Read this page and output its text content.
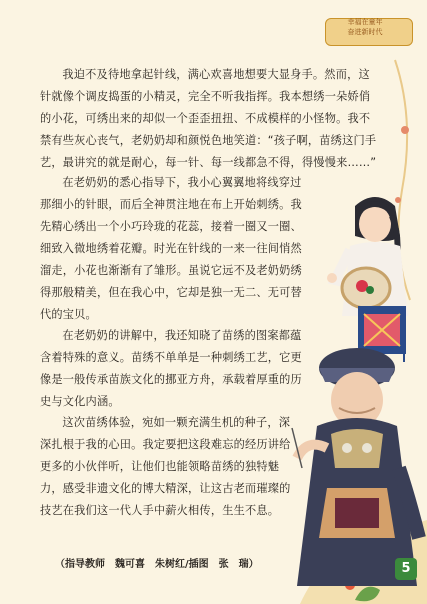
幸福在童年
奋进新时代

我迫不及待地拿起针线，满心欢喜地想要大显身手。然而，这针就像个调皮捣蛋的小精灵，完全不听我指挥。我本想绣一朵娇俏的小花，可绣出来的却似一个歪歪扭扭、不成模样的小怪物。我不禁有些灰心丧气，老奶奶却和颜悦色地笑道：“孩子啊，苗绣这门手艺，最讲究的就是耐心，每一针、每一线都急不得，得慢慢来……”

在老奶奶的悉心指导下，我小心翼翼地将线穿过那细小的针眼，而后全神贯注地在布上开始刺绣。我先精心绣出一个小巧玲珑的花蕊，接着一圈又一圈、细致入微地绣着花瓣。时光在针线的一来一往间悄然溜走，小花也渐渐有了雏形。虽说它远不及老奶奶绣得那般精美，但在我心中，它却是独一无二、无可替代的宝贝。

在老奶奶的讲解中，我还知晓了苗绣的图案都蕴含着特殊的意义。苗绣不单单是一种刺绣工艺，它更像是一般传承苗族文化的挪亚方舟，承载着厚重的历史与文化内涵。

这次苗绣体验，宛如一颗充满生机的种子，深深扎根于我的心田。我定要把这段难忘的经历讲给更多的小伙伴听，让他们也能领略苗绣的独特魅力，感受非遗文化的博大精深，让这古老而璀璨的技艺在我们这一代人手中薪火相传，生生不息。

（指导教师　魏可喜　朱树红/插图　张　瑞）	5
